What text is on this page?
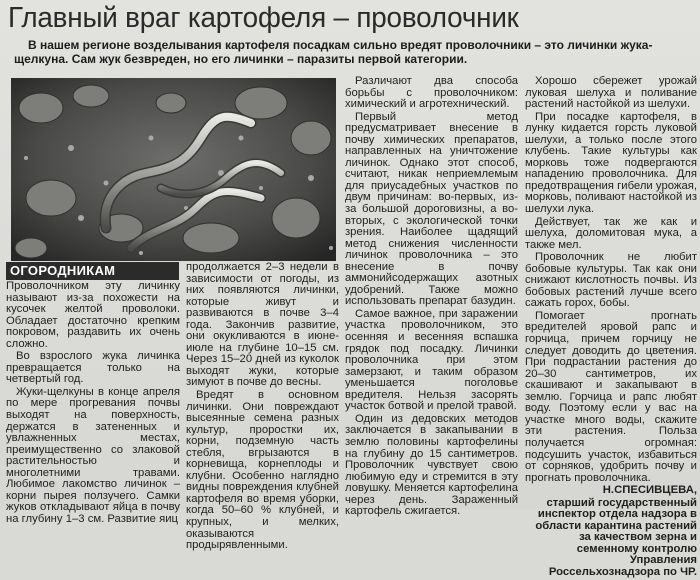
Главный враг картофеля – проволочник

В нашем регионе возделывания картофеля посадкам сильно вредят проволочники – это личинки жука-щелкуна. Сам жук безвреден, но его личинки – паразиты первой категории.

ОГОРОДНИКАМ

Проволочником эту личинку называют из-за похожести на кусочек желтой проволоки. Обладает достаточно крепким покровом, раздавить их очень сложно.

Во взрослого жука личинка превращается только на четвертый год.

Жуки-щелкуны в конце апреля по мере прогревания почвы выходят на поверхность, держатся в затененных и увлажненных местах, преимущественно со злаковой растительностью и многолетними травами. Любимое лакомство личинок – корни пырея ползучего. Самки жуков откладывают яйца в почву на глубину 1–3 см. Развитие яиц

продолжается 2–3 недели в зависимости от погоды, из них появляются личинки, которые живут и развиваются в почве 3–4 года. Закончив развитие, они окукливаются в июне-июле на глубине 10–15 см. Через 15–20 дней из куколок выходят жуки, которые зимуют в почве до весны.

Вредят в основном личинки. Они повреждают высеянные семена разных культур, проростки их, корни, подземную часть стебля, вгрызаются в корневища, корнеплоды и клубни. Особенно наглядно видны повреждения клубней картофеля во время уборки, когда 50–60 % клубней, и крупных, и мелких, оказываются продырявленными.

Различают два способа борьбы с проволочником: химический и агротехнический.

Первый метод предусматривает внесение в почву химических препаратов, направленных на уничтожение личинок. Однако этот способ, считают, никак неприемлемым для приусадебных участков по двум причинам: во-первых, из-за большой дороговизны, а во-вторых, с экологической точки зрения. Наиболее щадящий метод снижения численности личинок проволочника – это внесение в почву аммонийсодержащих азотных удобрений. Также можно использовать препарат базудин.

Самое важное, при заражении участка проволочником, это осенняя и весенняя вспашка грядок под посадку. Личинки проволочника при этом замерзают, и таким образом уменьшается поголовье вредителя. Нельзя засорять участок ботвой и прелой травой.

Один из дедовских методов заключается в закапывании в землю половины картофелины на глубину до 15 сантиметров. Проволочник чувствует свою любимую еду и стремится в эту ловушку. Меняется картофелина через день. Зараженный картофель сжигается.

Хорошо сбережет урожай луковая шелуха и поливание растений настойкой из шелухи.

При посадке картофеля, в лунку кидается горсть луковой шелухи, а только после этого клубень. Такие культуры как морковь тоже подвергаются нападению проволочника. Для предотвращения гибели урожая, морковь, поливают настойкой из шелухи лука.

Действует, так же как и шелуха, доломитовая мука, а также мел.

Проволочник не любит бобовые культуры. Так как они снижают кислотность почвы. Из бобовых растений лучше всего сажать горох, бобы.

Помогает прогнать вредителей яровой рапс и горчица, причем горчицу не следует доводить до цветения. При подрастании растения до 20–30 сантиметров, их скашивают и закапывают в землю. Горчица и рапс любят воду. Поэтому если у вас на участке много воды, скажите эти растения. Польза получается огромная: подсушить участок, избавиться от сорняков, удобрить почву и прогнать проволочника.

Н.СПЕСИВЦЕВА,

старший государственный инспектор отдела надзора в области карантина растений за качеством зерна и семенному контролю Управления Россельхознадзора по ЧР.
